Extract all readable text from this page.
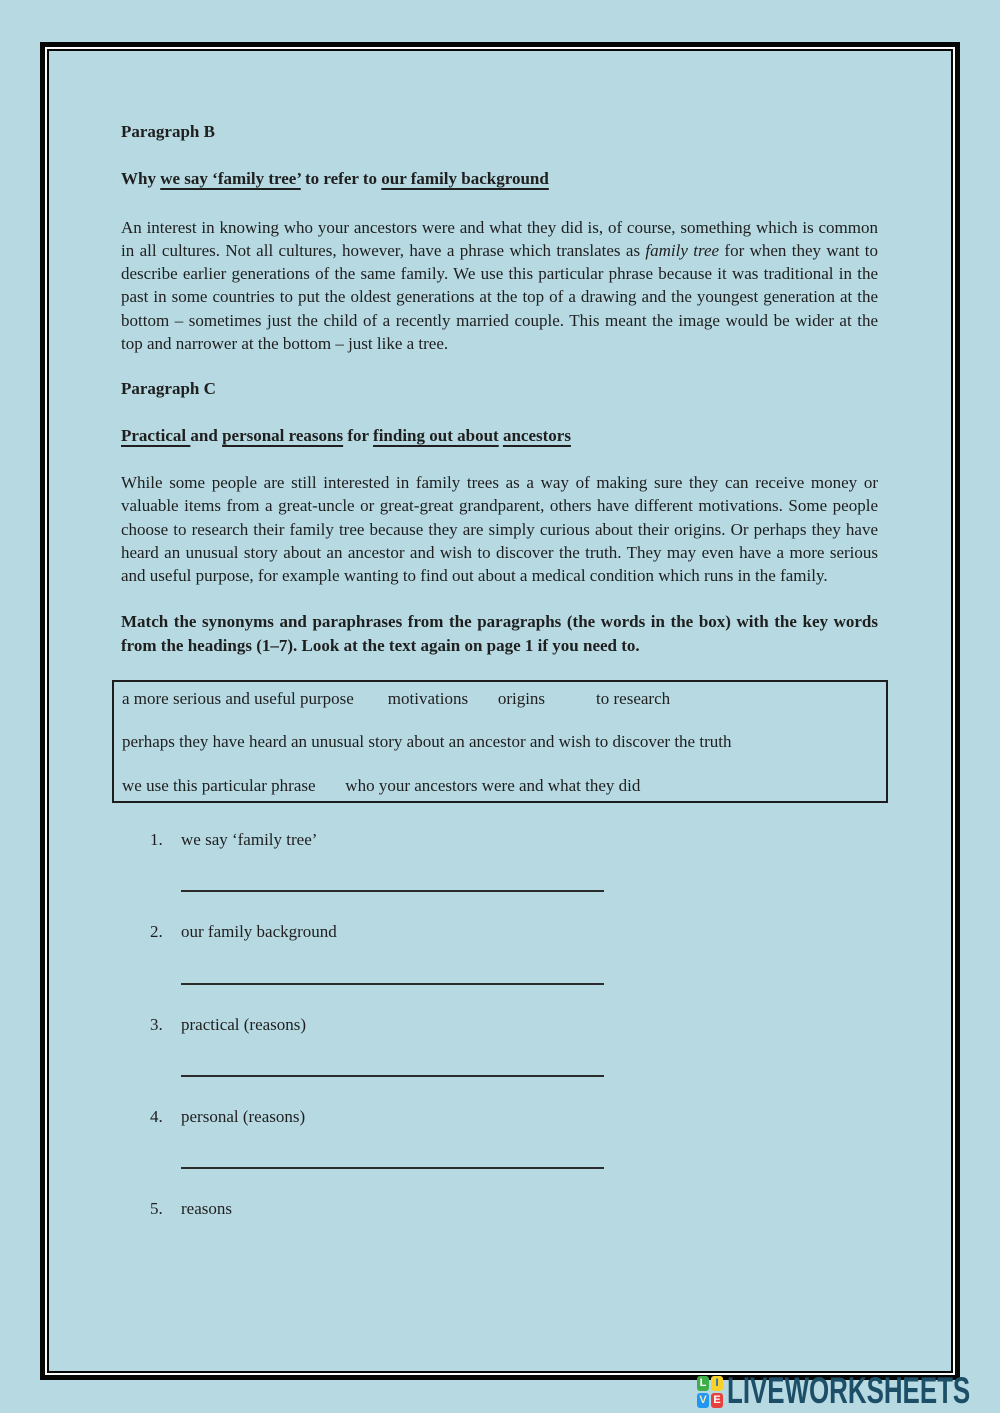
Paragraph B
Why we say ‘family tree’ to refer to our family background
An interest in knowing who your ancestors were and what they did is, of course, something which is common in all cultures. Not all cultures, however, have a phrase which translates as family tree for when they want to describe earlier generations of the same family. We use this particular phrase because it was traditional in the past in some countries to put the oldest generations at the top of a drawing and the youngest generation at the bottom – sometimes just the child of a recently married couple. This meant the image would be wider at the top and narrower at the bottom – just like a tree.
Paragraph C
Practical and personal reasons for finding out about ancestors
While some people are still interested in family trees as a way of making sure they can receive money or valuable items from a great-uncle or great-great grandparent, others have different motivations. Some people choose to research their family tree because they are simply curious about their origins. Or perhaps they have heard an unusual story about an ancestor and wish to discover the truth. They may even have a more serious and useful purpose, for example wanting to find out about a medical condition which runs in the family.
Match the synonyms and paraphrases from the paragraphs (the words in the box) with the key words from the headings (1–7). Look at the text again on page 1 if you need to.
a more serious and useful purpose        motivations       origins            to research
perhaps they have heard an unusual story about an ancestor and wish to discover the truth
we use this particular phrase       who your ancestors were and what they did
1.	we say ‘family tree’
2.	our family background
3.	practical (reasons)
4.	personal (reasons)
5.	reasons
L I
V E LIVEWORKSHEETS
